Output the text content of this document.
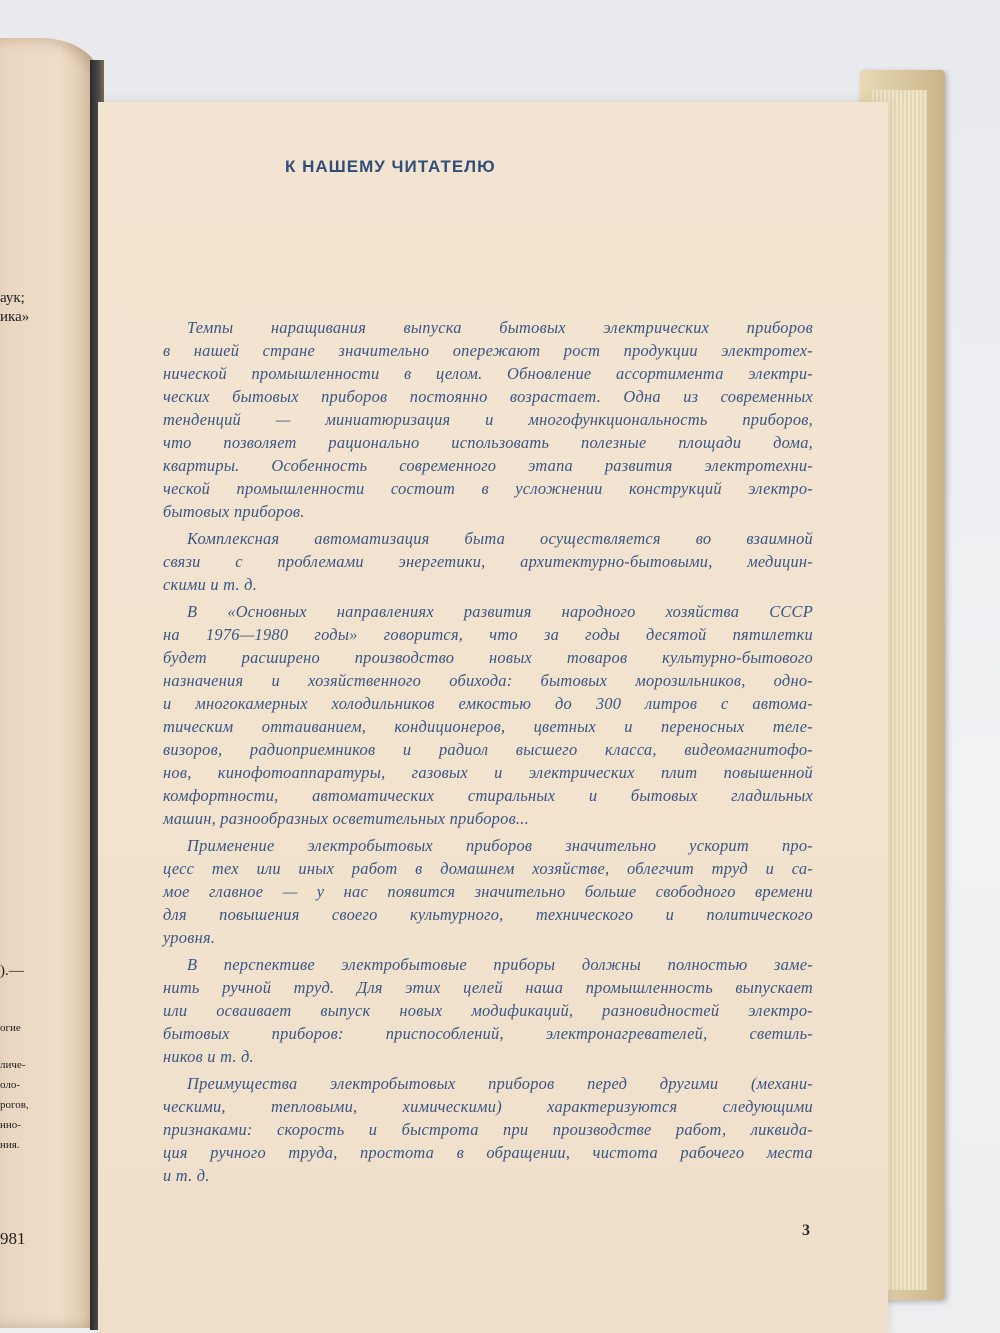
аук;
ика»
).—
огие
личе-
оло-
рогов,
нно-
ния.
981
К НАШЕМУ ЧИТАТЕЛЮ
Темпы наращивания выпуска бытовых электрических приборов
в нашей стране значительно опережают рост продукции электротех-
нической промышленности в целом. Обновление ассортимента электри-
ческих бытовых приборов постоянно возрастает. Одна из современных
тенденций — миниатюризация и многофункциональность приборов,
что позволяет рационально использовать полезные площади дома,
квартиры. Особенность современного этапа развития электротехни-
ческой промышленности состоит в усложнении конструкций электро-
бытовых приборов.
Комплексная автоматизация быта осуществляется во взаимной
связи с проблемами энергетики, архитектурно-бытовыми, медицин-
скими и т. д.
В «Основных направлениях развития народного хозяйства СССР
на 1976—1980 годы» говорится, что за годы десятой пятилетки
будет расширено производство новых товаров культурно-бытового
назначения и хозяйственного обихода: бытовых морозильников, одно-
и многокамерных холодильников емкостью до 300 литров с автома-
тическим оттаиванием, кондиционеров, цветных и переносных теле-
визоров, радиоприемников и радиол высшего класса, видеомагнитофо-
нов, кинофотоаппаратуры, газовых и электрических плит повышенной
комфортности, автоматических стиральных и бытовых гладильных
машин, разнообразных осветительных приборов...
Применение электробытовых приборов значительно ускорит про-
цесс тех или иных работ в домашнем хозяйстве, облегчит труд и са-
мое главное — у нас появится значительно больше свободного времени
для повышения своего культурного, технического и политического
уровня.
В перспективе электробытовые приборы должны полностью заме-
нить ручной труд. Для этих целей наша промышленность выпускает
или осваивает выпуск новых модификаций, разновидностей электро-
бытовых приборов: приспособлений, электронагревателей, светиль-
ников и т. д.
Преимущества электробытовых приборов перед другими (механи-
ческими, тепловыми, химическими) характеризуются следующими
признаками: скорость и быстрота при производстве работ, ликвида-
ция ручного труда, простота в обращении, чистота рабочего места
и т. д.
3
